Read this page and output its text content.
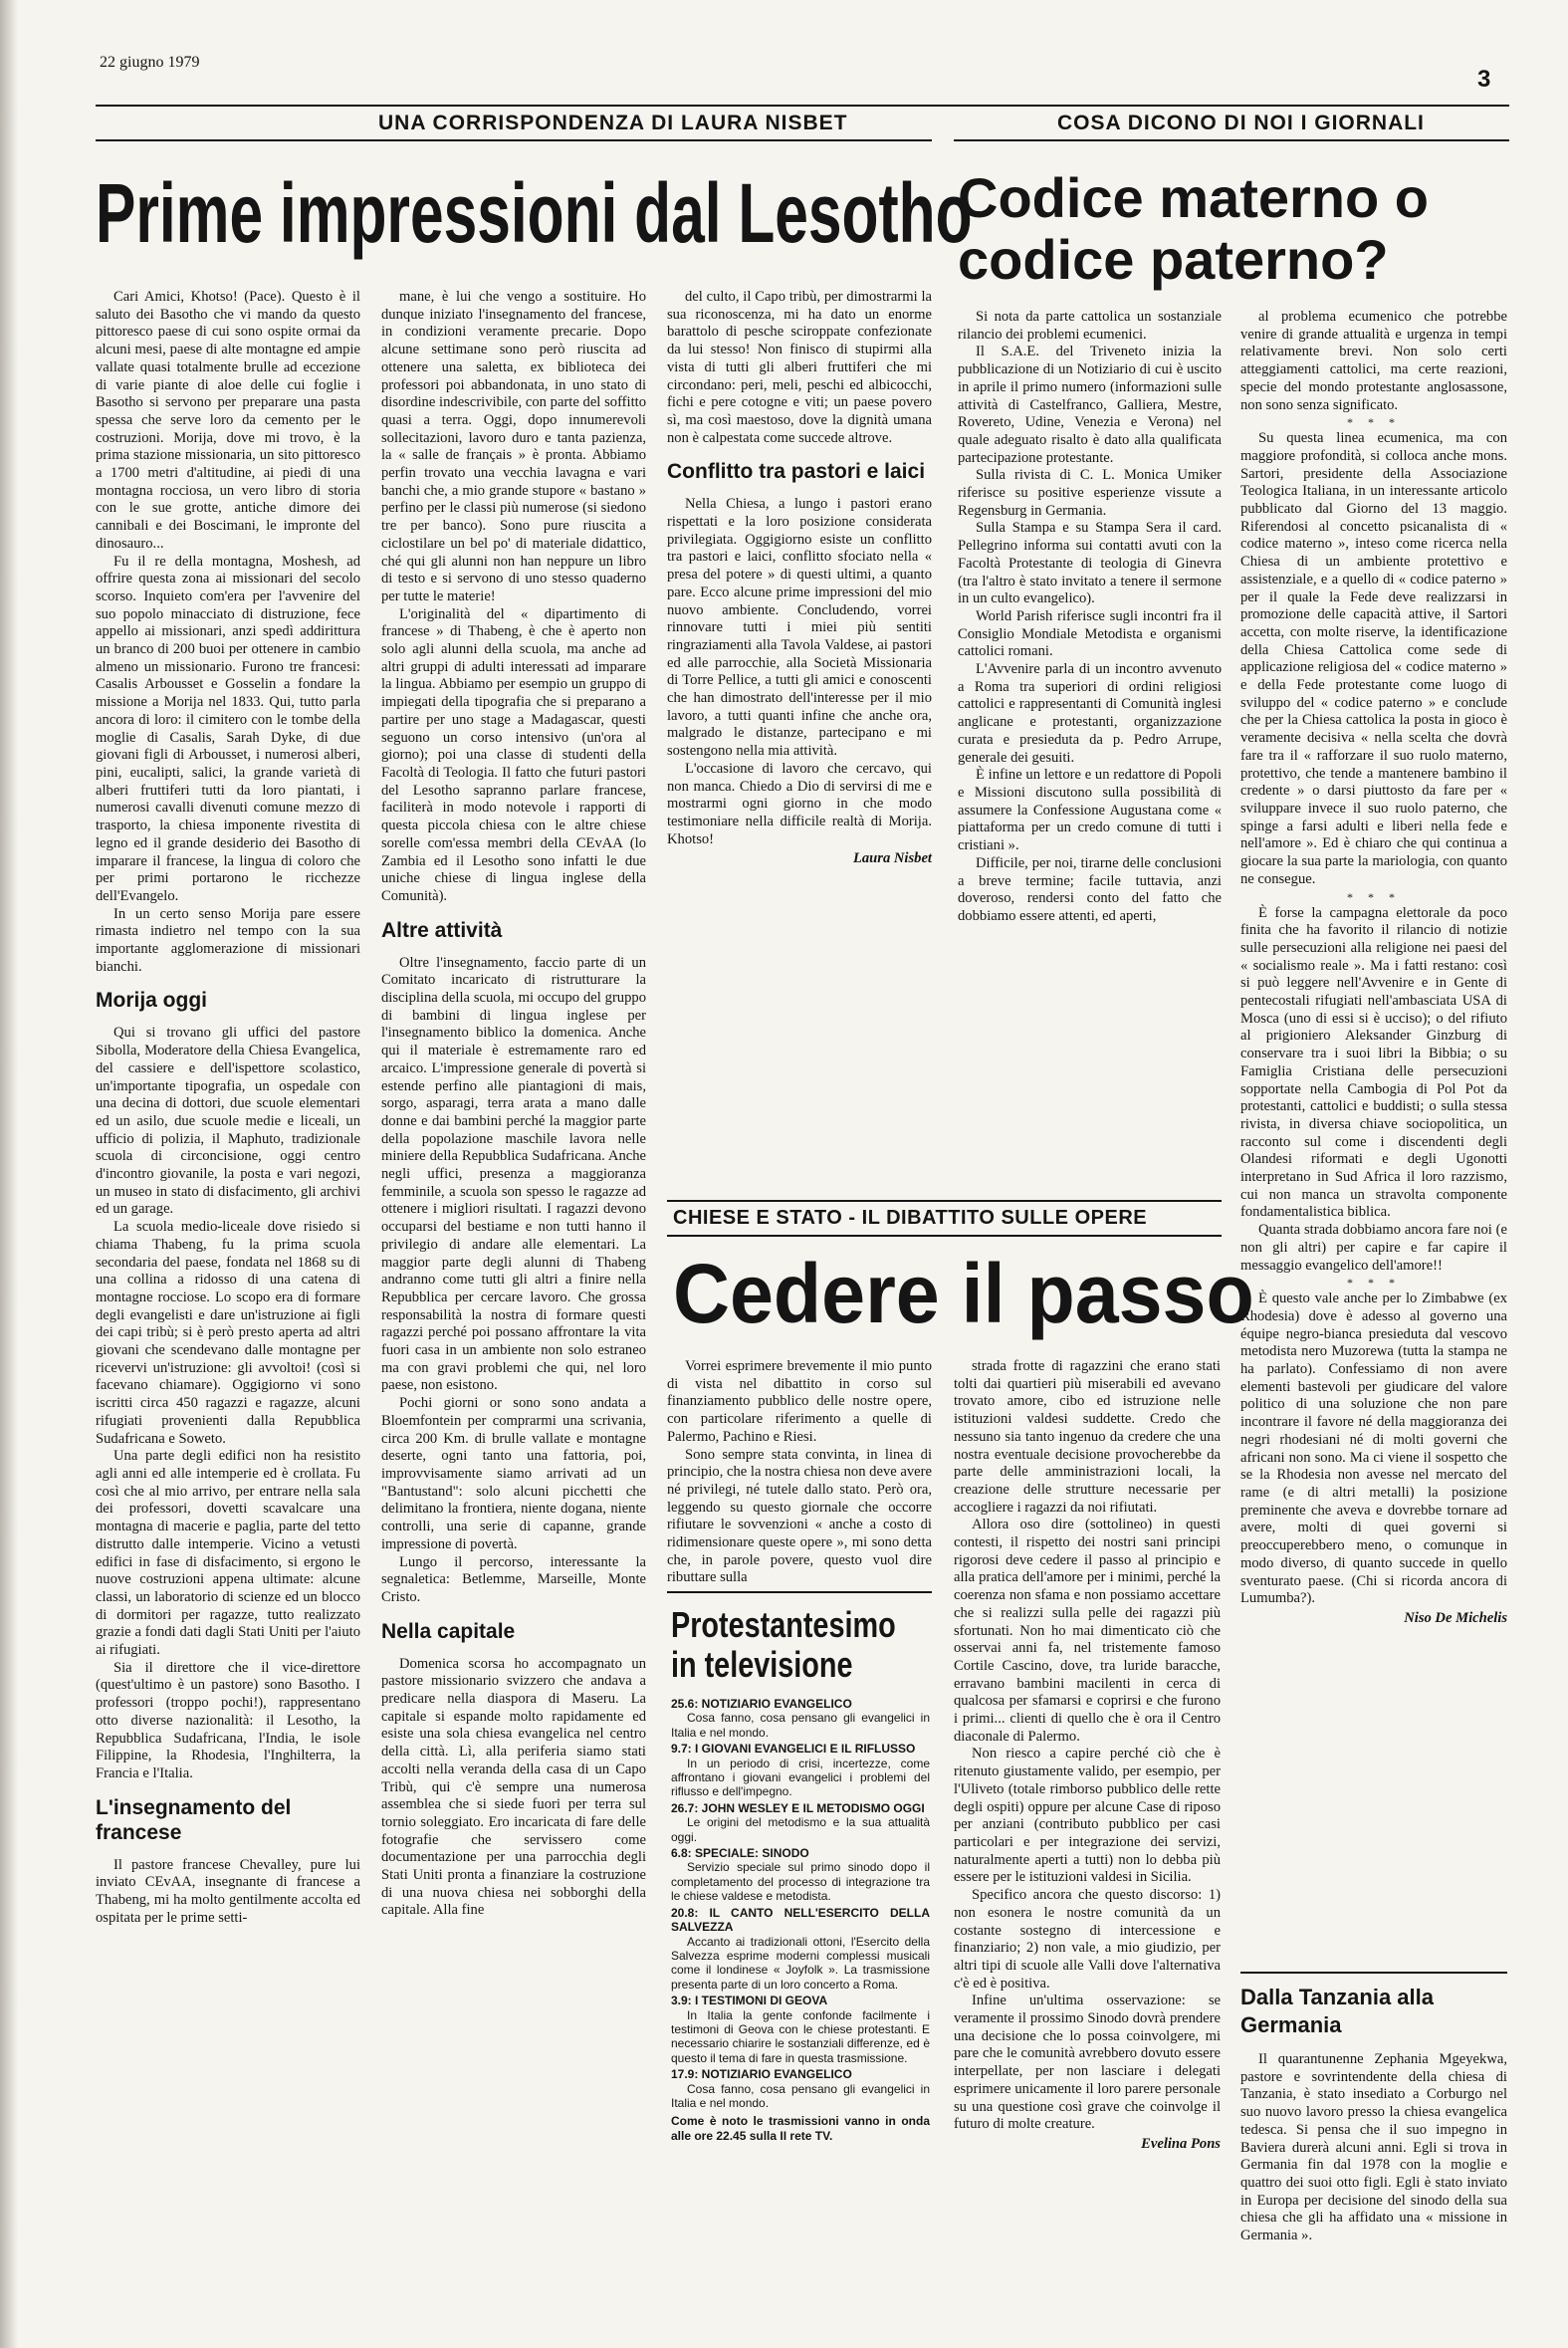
22 giugno 1979
3
UNA CORRISPONDENZA DI LAURA NISBET
Prime impressioni dal Lesotho

Cari Amici, Khotso! (Pace). Questo è il saluto dei Basotho che vi mando da questo pittoresco paese di cui sono ospite ormai da alcuni mesi, paese di alte montagne ed ampie vallate quasi totalmente brulle ad eccezione di varie piante di aloe delle cui foglie i Basotho si servono per preparare una pasta spessa che serve loro da cemento per le costruzioni. Morija, dove mi trovo, è la prima stazione missionaria, un sito pittoresco a 1700 metri d'altitudine, ai piedi di una montagna rocciosa, un vero libro di storia con le sue grotte, antiche dimore dei cannibali e dei Boscimani, le impronte del dinosauro...

Fu il re della montagna, Moshesh, ad offrire questa zona ai missionari del secolo scorso. Inquieto com'era per l'avvenire del suo popolo minacciato di distruzione, fece appello ai missionari, anzi spedì addirittura un branco di 200 buoi per ottenere in cambio almeno un missionario. Furono tre francesi: Casalis Arbousset e Gosselin a fondare la missione a Morija nel 1833. Qui, tutto parla ancora di loro: il cimitero con le tombe della moglie di Casalis, Sarah Dyke, di due giovani figli di Arbousset, i numerosi alberi, pini, eucalipti, salici, la grande varietà di alberi fruttiferi tutti da loro piantati, i numerosi cavalli divenuti comune mezzo di trasporto, la chiesa imponente rivestita di legno ed il grande desiderio dei Basotho di imparare il francese, la lingua di coloro che per primi portarono le ricchezze dell'Evangelo.

In un certo senso Morija pare essere rimasta indietro nel tempo con la sua importante agglomerazione di missionari bianchi.

Morija oggi

Qui si trovano gli uffici del pastore Sibolla, Moderatore della Chiesa Evangelica, del cassiere e dell'ispettore scolastico, un'importante tipografia, un ospedale con una decina di dottori, due scuole elementari ed un asilo, due scuole medie e liceali, un ufficio di polizia, il Maphuto, tradizionale scuola di circoncisione, oggi centro d'incontro giovanile, la posta e vari negozi, un museo in stato di disfacimento, gli archivi ed un garage.

La scuola medio-liceale dove risiedo si chiama Thabeng, fu la prima scuola secondaria del paese, fondata nel 1868 su di una collina a ridosso di una catena di montagne rocciose. Lo scopo era di formare degli evangelisti e dare un'istruzione ai figli dei capi tribù; si è però presto aperta ad altri giovani che scendevano dalle montagne per ricevervi un'istruzione: gli avvoltoi! (così si facevano chiamare). Oggigiorno vi sono iscritti circa 450 ragazzi e ragazze, alcuni rifugiati provenienti dalla Repubblica Sudafricana e Soweto.

Una parte degli edifici non ha resistito agli anni ed alle intemperie ed è crollata. Fu così che al mio arrivo, per entrare nella sala dei professori, dovetti scavalcare una montagna di macerie e paglia, parte del tetto distrutto dalle intemperie. Vicino a vetusti edifici in fase di disfacimento, si ergono le nuove costruzioni appena ultimate: alcune classi, un laboratorio di scienze ed un blocco di dormitori per ragazze, tutto realizzato grazie a fondi dati dagli Stati Uniti per l'aiuto ai rifugiati.

Sia il direttore che il vice-direttore (quest'ultimo è un pastore) sono Basotho. I professori (troppo pochi!), rappresentano otto diverse nazionalità: il Lesotho, la Repubblica Sudafricana, l'India, le isole Filippine, la Rhodesia, l'Inghilterra, la Francia e l'Italia.

L'insegnamento del francese

Il pastore francese Chevalley, pure lui inviato CEvAA, insegnante di francese a Thabeng, mi ha molto gentilmente accolta ed ospitata per le prime setti-

mane, è lui che vengo a sostituire. Ho dunque iniziato l'insegnamento del francese, in condizioni veramente precarie. Dopo alcune settimane sono però riuscita ad ottenere una saletta, ex biblioteca dei professori poi abbandonata, in uno stato di disordine indescrivibile, con parte del soffitto quasi a terra. Oggi, dopo innumerevoli sollecitazioni, lavoro duro e tanta pazienza, la « salle de français » è pronta. Abbiamo perfin trovato una vecchia lavagna e vari banchi che, a mio grande stupore « bastano » perfino per le classi più numerose (si siedono tre per banco). Sono pure riuscita a ciclostilare un bel po' di materiale didattico, ché qui gli alunni non han neppure un libro di testo e si servono di uno stesso quaderno per tutte le materie!

L'originalità del « dipartimento di francese » di Thabeng, è che è aperto non solo agli alunni della scuola, ma anche ad altri gruppi di adulti interessati ad imparare la lingua. Abbiamo per esempio un gruppo di impiegati della tipografia che si preparano a partire per uno stage a Madagascar, questi seguono un corso intensivo (un'ora al giorno); poi una classe di studenti della Facoltà di Teologia. Il fatto che futuri pastori del Lesotho sapranno parlare francese, faciliterà in modo notevole i rapporti di questa piccola chiesa con le altre chiese sorelle com'essa membri della CEvAA (lo Zambia ed il Lesotho sono infatti le due uniche chiese di lingua inglese della Comunità).

Altre attività

Oltre l'insegnamento, faccio parte di un Comitato incaricato di ristrutturare la disciplina della scuola, mi occupo del gruppo di bambini di lingua inglese per l'insegnamento biblico la domenica. Anche qui il materiale è estremamente raro ed arcaico. L'impressione generale di povertà si estende perfino alle piantagioni di mais, sorgo, asparagi, terra arata a mano dalle donne e dai bambini perché la maggior parte della popolazione maschile lavora nelle miniere della Repubblica Sudafricana. Anche negli uffici, presenza a maggioranza femminile, a scuola son spesso le ragazze ad ottenere i migliori risultati. I ragazzi devono occuparsi del bestiame e non tutti hanno il privilegio di andare alle elementari. La maggior parte degli alunni di Thabeng andranno come tutti gli altri a finire nella Repubblica per cercare lavoro. Che grossa responsabilità la nostra di formare questi ragazzi perché poi possano affrontare la vita fuori casa in un ambiente non solo estraneo ma con gravi problemi che qui, nel loro paese, non esistono.

Pochi giorni or sono sono andata a Bloemfontein per comprarmi una scrivania, circa 200 Km. di brulle vallate e montagne deserte, ogni tanto una fattoria, poi, improvvisamente siamo arrivati ad un "Bantustand": solo alcuni picchetti che delimitano la frontiera, niente dogana, niente controlli, una serie di capanne, grande impressione di povertà.

Lungo il percorso, interessante la segnaletica: Betlemme, Marseille, Monte Cristo.

Nella capitale

Domenica scorsa ho accompagnato un pastore missionario svizzero che andava a predicare nella diaspora di Maseru. La capitale si espande molto rapidamente ed esiste una sola chiesa evangelica nel centro della città. Lì, alla periferia siamo stati accolti nella veranda della casa di un Capo Tribù, qui c'è sempre una numerosa assemblea che si siede fuori per terra sul tornio soleggiato. Ero incaricata di fare delle fotografie che servissero come documentazione per una parrocchia degli Stati Uniti pronta a finanziare la costruzione di una nuova chiesa nei sobborghi della capitale. Alla fine

del culto, il Capo tribù, per dimostrarmi la sua riconoscenza, mi ha dato un enorme barattolo di pesche sciroppate confezionate da lui stesso! Non finisco di stupirmi alla vista di tutti gli alberi fruttiferi che mi circondano: peri, meli, peschi ed albicocchi, fichi e pere cotogne e viti; un paese povero sì, ma così maestoso, dove la dignità umana non è calpestata come succede altrove.

Conflitto tra pastori e laici

Nella Chiesa, a lungo i pastori erano rispettati e la loro posizione considerata privilegiata. Oggigiorno esiste un conflitto tra pastori e laici, conflitto sfociato nella « presa del potere » di questi ultimi, a quanto pare. Ecco alcune prime impressioni del mio nuovo ambiente. Concludendo, vorrei rinnovare tutti i miei più sentiti ringraziamenti alla Tavola Valdese, ai pastori ed alle parrocchie, alla Società Missionaria di Torre Pellice, a tutti gli amici e conoscenti che han dimostrato dell'interesse per il mio lavoro, a tutti quanti infine che anche ora, malgrado le distanze, partecipano e mi sostengono nella mia attività.

L'occasione di lavoro che cercavo, qui non manca. Chiedo a Dio di servirsi di me e mostrarmi ogni giorno in che modo testimoniare nella difficile realtà di Morija. Khotso!

Laura Nisbet
COSA DICONO DI NOI I GIORNALI
Codice materno o
codice paterno?

Si nota da parte cattolica un sostanziale rilancio dei problemi ecumenici.

Il S.A.E. del Triveneto inizia la pubblicazione di un Notiziario di cui è uscito in aprile il primo numero (informazioni sulle attività di Castelfranco, Galliera, Mestre, Rovereto, Udine, Venezia e Verona) nel quale adeguato risalto è dato alla qualificata partecipazione protestante.

Sulla rivista di C. L. Monica Umiker riferisce su positive esperienze vissute a Regensburg in Germania.

Sulla Stampa e su Stampa Sera il card. Pellegrino informa sui contatti avuti con la Facoltà Protestante di teologia di Ginevra (tra l'altro è stato invitato a tenere il sermone in un culto evangelico).

World Parish riferisce sugli incontri fra il Consiglio Mondiale Metodista e organismi cattolici romani.

L'Avvenire parla di un incontro avvenuto a Roma tra superiori di ordini religiosi cattolici e rappresentanti di Comunità inglesi anglicane e protestanti, organizzazione curata e presieduta da p. Pedro Arrupe, generale dei gesuiti.

È infine un lettore e un redattore di Popoli e Missioni discutono sulla possibilità di assumere la Confessione Augustana come « piattaforma per un credo comune di tutti i cristiani ».

Difficile, per noi, tirarne delle conclusioni a breve termine; facile tuttavia, anzi doveroso, rendersi conto del fatto che dobbiamo essere attenti, ed aperti,

al problema ecumenico che potrebbe venire di grande attualità e urgenza in tempi relativamente brevi. Non solo certi atteggiamenti cattolici, ma certe reazioni, specie del mondo protestante anglosassone, non sono senza significato.

* * *

Su questa linea ecumenica, ma con maggiore profondità, si colloca anche mons. Sartori, presidente della Associazione Teologica Italiana, in un interessante articolo pubblicato dal Giorno del 13 maggio. Riferendosi al concetto psicanalista di « codice materno », inteso come ricerca nella Chiesa di un ambiente protettivo e assistenziale, e a quello di « codice paterno » per il quale la Fede deve realizzarsi in promozione delle capacità attive, il Sartori accetta, con molte riserve, la identificazione della Chiesa Cattolica come sede di applicazione religiosa del « codice materno » e della Fede protestante come luogo di sviluppo del « codice paterno » e conclude che per la Chiesa cattolica la posta in gioco è veramente decisiva « nella scelta che dovrà fare tra il « rafforzare il suo ruolo materno, protettivo, che tende a mantenere bambino il credente » o darsi piuttosto da fare per « sviluppare invece il suo ruolo paterno, che spinge a farsi adulti e liberi nella fede e nell'amore ». Ed è chiaro che qui continua a giocare la sua parte la mariologia, con quanto ne consegue.

* * *

È forse la campagna elettorale da poco finita che ha favorito il rilancio di notizie sulle persecuzioni alla religione nei paesi del « socialismo reale ». Ma i fatti restano: così si può leggere nell'Avvenire e in Gente di pentecostali rifugiati nell'ambasciata USA di Mosca (uno di essi si è ucciso); o del rifiuto al prigioniero Aleksander Ginzburg di conservare tra i suoi libri la Bibbia; o su Famiglia Cristiana delle persecuzioni sopportate nella Cambogia di Pol Pot da protestanti, cattolici e buddisti; o sulla stessa rivista, in diversa chiave sociopolitica, un racconto sul come i discendenti degli Olandesi riformati e degli Ugonotti interpretano in Sud Africa il loro razzismo, cui non manca un stravolta componente fondamentalistica biblica.

Quanta strada dobbiamo ancora fare noi (e non gli altri) per capire e far capire il messaggio evangelico dell'amore!!

* * *

È questo vale anche per lo Zimbabwe (ex Rhodesia) dove è adesso al governo una équipe negro-bianca presieduta dal vescovo metodista nero Muzorewa (tutta la stampa ne ha parlato). Confessiamo di non avere elementi bastevoli per giudicare del valore politico di una soluzione che non pare incontrare il favore né della maggioranza dei negri rhodesiani né di molti governi che africani non sono. Ma ci viene il sospetto che se la Rhodesia non avesse nel mercato del rame (e di altri metalli) la posizione preminente che aveva e dovrebbe tornare ad avere, molti di quei governi si preoccuperebbero meno, o comunque in modo diverso, di quanto succede in quello sventurato paese. (Chi si ricorda ancora di Lumumba?).

Niso De Michelis
Dalla Tanzania alla Germania

Il quarantunenne Zephania Mgeyekwa, pastore e sovrintendente della chiesa di Tanzania, è stato insediato a Corburgo nel suo nuovo lavoro presso la chiesa evangelica tedesca. Si pensa che il suo impegno in Baviera durerà alcuni anni. Egli si trova in Germania fin dal 1978 con la moglie e quattro dei suoi otto figli. Egli è stato inviato in Europa per decisione del sinodo della sua chiesa che gli ha affidato una « missione in Germania ».

CHIESE E STATO - IL DIBATTITO SULLE OPERE
Cedere il passo

Vorrei esprimere brevemente il mio punto di vista nel dibattito in corso sul finanziamento pubblico delle nostre opere, con particolare riferimento a quelle di Palermo, Pachino e Riesi.

Sono sempre stata convinta, in linea di principio, che la nostra chiesa non deve avere né privilegi, né tutele dallo stato. Però ora, leggendo su questo giornale che occorre rifiutare le sovvenzioni « anche a costo di ridimensionare queste opere », mi sono detta che, in parole povere, questo vuol dire ributtare sulla

strada frotte di ragazzini che erano stati tolti dai quartieri più miserabili ed avevano trovato amore, cibo ed istruzione nelle istituzioni valdesi suddette. Credo che nessuno sia tanto ingenuo da credere che una nostra eventuale decisione provocherebbe da parte delle amministrazioni locali, la creazione delle strutture necessarie per accogliere i ragazzi da noi rifiutati.

Allora oso dire (sottolineo) in questi contesti, il rispetto dei nostri sani principi rigorosi deve cedere il passo al principio e alla pratica dell'amore per i minimi, perché la coerenza non sfama e non possiamo accettare che si realizzi sulla pelle dei ragazzi più sfortunati. Non ho mai dimenticato ciò che osservai anni fa, nel tristemente famoso Cortile Cascino, dove, tra luride baracche, erravano bambini macilenti in cerca di qualcosa per sfamarsi e coprirsi e che furono i primi... clienti di quello che è ora il Centro diaconale di Palermo.

Non riesco a capire perché ciò che è ritenuto giustamente valido, per esempio, per l'Uliveto (totale rimborso pubblico delle rette degli ospiti) oppure per alcune Case di riposo per anziani (contributo pubblico per casi particolari e per integrazione dei servizi, naturalmente aperti a tutti) non lo debba più essere per le istituzioni valdesi in Sicilia.

Specifico ancora che questo discorso: 1) non esonera le nostre comunità da un costante sostegno di intercessione e finanziario; 2) non vale, a mio giudizio, per altri tipi di scuole alle Valli dove l'alternativa c'è ed è positiva.

Infine un'ultima osservazione: se veramente il prossimo Sinodo dovrà prendere una decisione che lo possa coinvolgere, mi pare che le comunità avrebbero dovuto essere interpellate, per non lasciare i delegati esprimere unicamente il loro parere personale su una questione così grave che coinvolge il futuro di molte creature.

Evelina Pons
Protestantesimo
in televisione
25.6: NOTIZIARIO EVANGELICO
Cosa fanno, cosa pensano gli evangelici in Italia e nel mondo.
9.7: I GIOVANI EVANGELICI E IL RIFLUSSO
In un periodo di crisi, incertezze, come affrontano i giovani evangelici i problemi del riflusso e dell'impegno.
26.7: JOHN WESLEY E IL METODISMO OGGI
Le origini del metodismo e la sua attualità oggi.
6.8: SPECIALE: SINODO
Servizio speciale sul primo sinodo dopo il completamento del processo di integrazione tra le chiese valdese e metodista.
20.8: IL CANTO NELL'ESERCITO DELLA SALVEZZA
Accanto ai tradizionali ottoni, l'Esercito della Salvezza esprime moderni complessi musicali come il londinese « Joyfolk ». La trasmissione presenta parte di un loro concerto a Roma.
3.9: I TESTIMONI DI GEOVA
In Italia la gente confonde facilmente i testimoni di Geova con le chiese protestanti. E necessario chiarire le sostanziali differenze, ed è questo il tema di fare in questa trasmissione.
17.9: NOTIZIARIO EVANGELICO
Cosa fanno, cosa pensano gli evangelici in Italia e nel mondo.
Come è noto le trasmissioni vanno in onda alle ore 22.45 sulla II rete TV.
